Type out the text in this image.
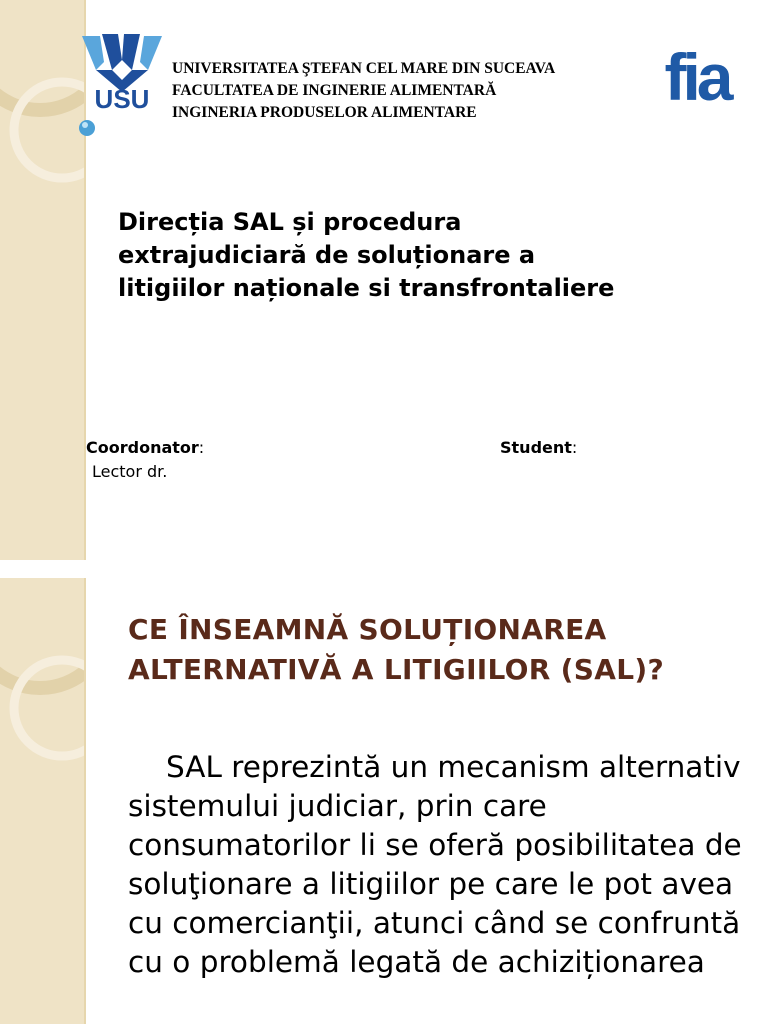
USU
UNIVERSITATEA ŞTEFAN CEL MARE DIN SUCEAVA
FACULTATEA DE INGINERIE ALIMENTARĂ
INGINERIA PRODUSELOR ALIMENTARE	fia
Direcția SAL și procedura extrajudiciară de soluționare a litigiilor naționale si transfrontaliere
Coordonator:
Lector dr.
Student:
CE ÎNSEAMNĂ SOLUȚIONAREA ALTERNATIVĂ A LITIGIILOR (SAL)?
SAL reprezintă un mecanism alternativ sistemului judiciar, prin care consumatorilor li se oferă posibilitatea de soluţionare a litigiilor pe care le pot avea cu comercianţii, atunci când se confruntă cu o problemă legată de achiziționarea
